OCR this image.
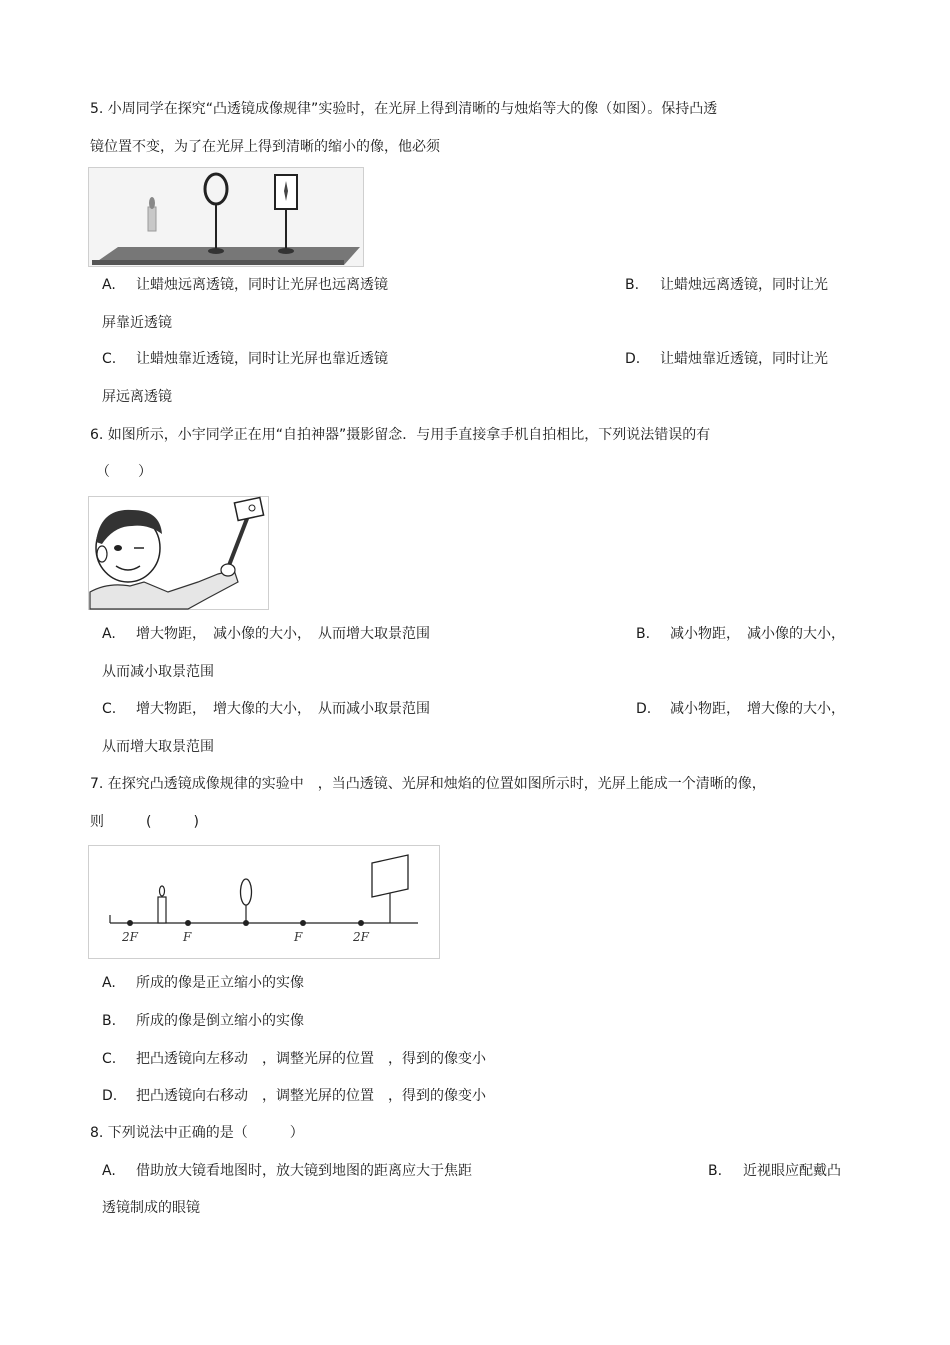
5. 小周同学在探究“凸透镜成像规律”实验时，在光屏上得到清晰的与烛焰等大的像（如图）。保持凸透
镜位置不变，为了在光屏上得到清晰的缩小的像，他必须
A. 让蜡烛远离透镜，同时让光屏也远离透镜	B. 让蜡烛远离透镜，同时让光
屏靠近透镜
C. 让蜡烛靠近透镜，同时让光屏也靠近透镜	D. 让蜡烛靠近透镜，同时让光
屏远离透镜
6. 如图所示，小宇同学正在用“自拍神器”摄影留念．与用手直接拿手机自拍相比，下列说法错误的有
（　　）
A. 增大物距，　减小像的大小，　从而增大取景范围	B. 减小物距，　减小像的大小，
从而减小取景范围
C. 增大物距，　增大像的大小，　从而减小取景范围	D. 减小物距，　增大像的大小，
从而增大取景范围
7. 在探究凸透镜成像规律的实验中　，当凸透镜、光屏和烛焰的位置如图所示时，光屏上能成一个清晰的像，
则　　　(　　　)
2F	F	F	2F
A. 所成的像是正立缩小的实像
B. 所成的像是倒立缩小的实像
C. 把凸透镜向左移动　，调整光屏的位置　，得到的像变小
D. 把凸透镜向右移动　，调整光屏的位置　，得到的像变小
8. 下列说法中正确的是（　　　）
A. 借助放大镜看地图时，放大镜到地图的距离应大于焦距	B. 近视眼应配戴凸
透镜制成的眼镜
